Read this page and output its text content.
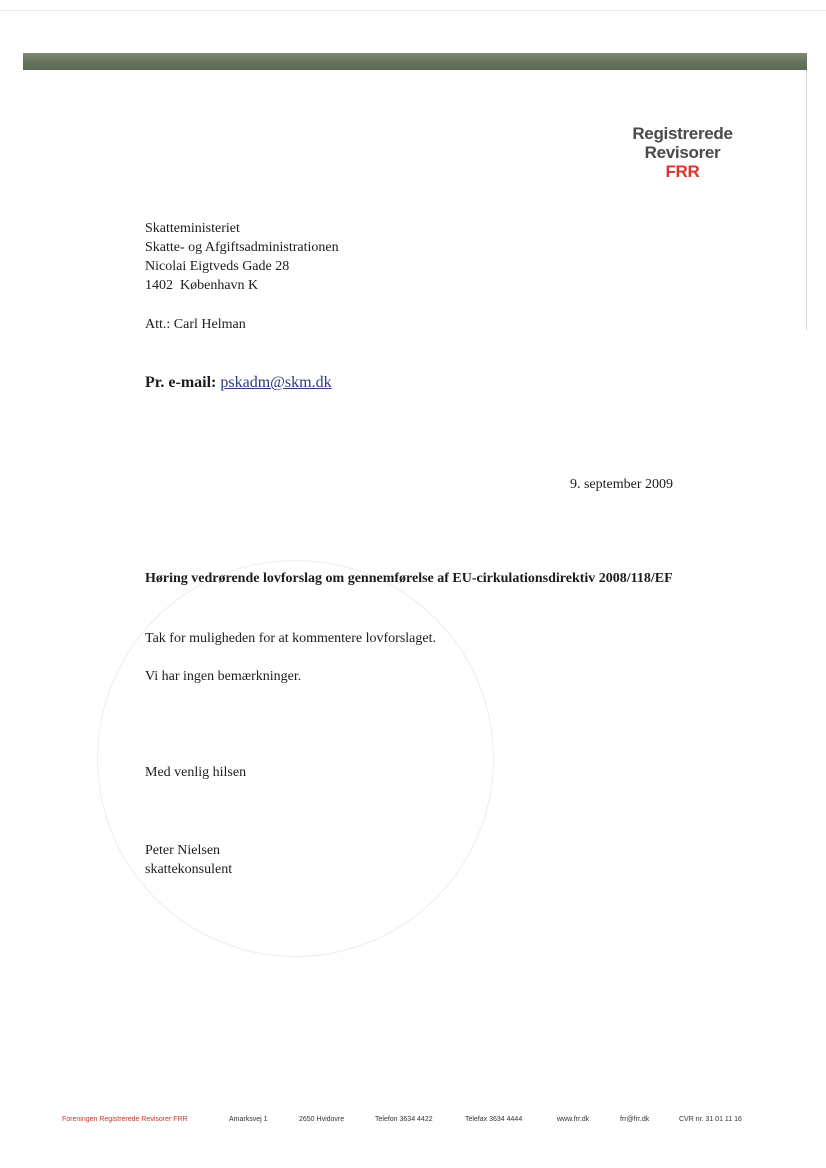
Registrerede
Revisorer
FRR
Skatteministeriet
Skatte- og Afgiftsadministrationen
Nicolai Eigtveds Gade 28
1402  København K
Att.: Carl Helman
Pr. e-mail: pskadm@skm.dk
9. september 2009
Høring vedrørende lovforslag om gennemførelse af EU-cirkulationsdirektiv 2008/118/EF
Tak for muligheden for at kommentere lovforslaget.
Vi har ingen bemærkninger.
Med venlig hilsen
Peter Nielsen
skattekonsulent
Foreningen Registrerede Revisorer FRR	Amarksvej 1	2650 Hvidovre	Telefon 3634 4422	Telefax 3634 4444	www.frr.dk	frr@frr.dk	CVR nr. 31 01 11 16
